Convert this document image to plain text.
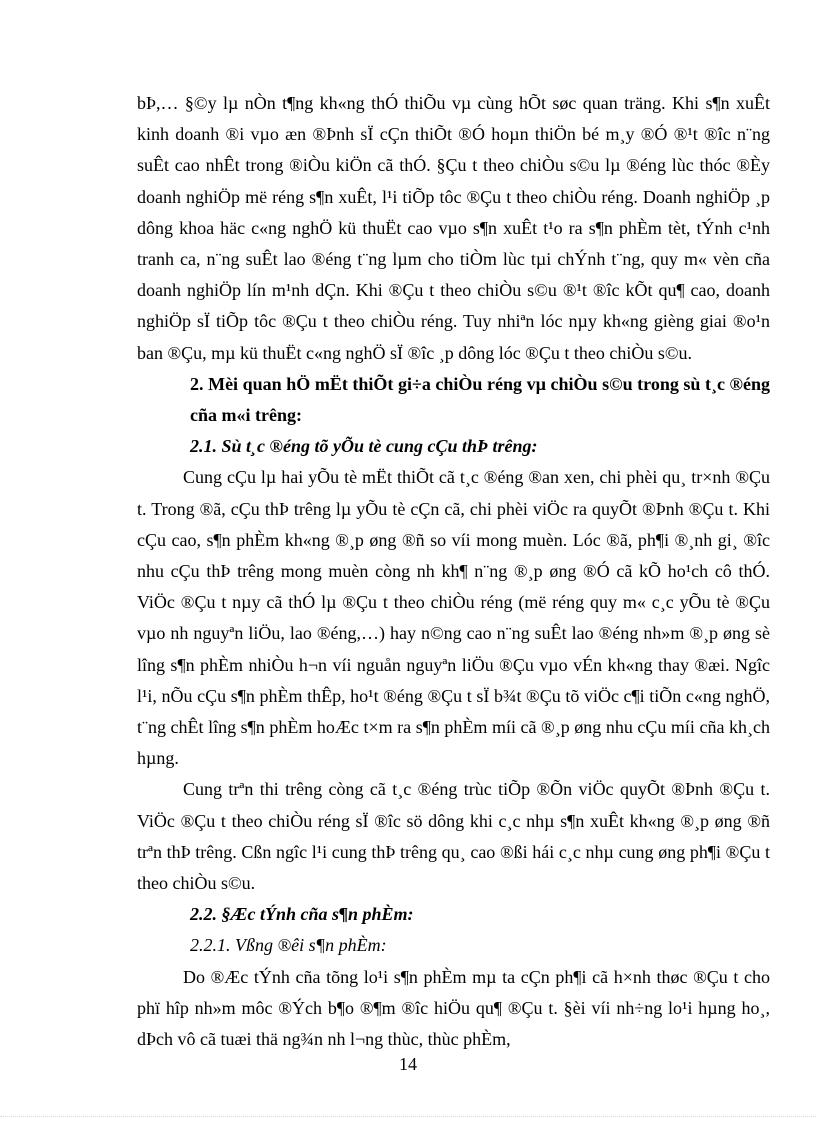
bÞ,… §©y lµ nÒn t¶ng kh«ng thÓ thiÕu vµ cùng hÕt søc quan träng. Khi s¶n xuÊt kinh doanh ®i vµo æn ®Þnh sÏ cÇn thiÕt ®Ó hoµn thiÖn bé m¸y ®Ó ®¹t ®îc n¨ng suÊt cao nhÊt trong ®iÒu kiÖn cã thÓ. §Çu t theo chiÒu s©u lµ ®éng lùc thóc ®Èy doanh nghiÖp më réng s¶n xuÊt, l¹i tiÕp tôc ®Çu t theo chiÒu réng. Doanh nghiÖp ¸p dông khoa häc c«ng nghÖ kü thuËt cao vµo s¶n xuÊt t¹o ra s¶n phÈm tèt, tÝnh c¹nh tranh ca, n¨ng suÊt lao ®éng t¨ng lµm cho tiÒm lùc tµi chÝnh t¨ng, quy m« vèn cña doanh nghiÖp lín m¹nh dÇn. Khi ®Çu t theo chiÒu s©u ®¹t ®îc kÕt qu¶ cao, doanh nghiÖp sÏ tiÕp tôc ®Çu t theo chiÒu réng. Tuy nhiªn lóc nµy kh«ng gièng giai ®o¹n ban ®Çu, mµ kü thuËt c«ng nghÖ sÏ ®îc ¸p dông lóc ®Çu t theo chiÒu s©u.

2. Mèi quan hÖ mËt thiÕt gi÷a chiÒu réng vµ chiÒu s©u trong sù t¸c ®éng cña m«i trêng:

2.1. Sù t¸c ®éng tõ yÕu tè cung cÇu thÞ trêng:

Cung cÇu lµ hai yÕu tè mËt thiÕt cã t¸c ®éng ®an xen, chi phèi qu¸ tr×nh ®Çu t. Trong ®ã, cÇu thÞ trêng lµ yÕu tè cÇn cã, chi phèi viÖc ra quyÕt ®Þnh ®Çu t. Khi cÇu cao, s¶n phÈm kh«ng ®¸p øng ®ñ so víi mong muèn. Lóc ®ã, ph¶i ®¸nh gi¸ ®îc nhu cÇu thÞ trêng mong muèn còng nh kh¶ n¨ng ®¸p øng ®Ó cã kÕ ho¹ch cô thÓ. ViÖc ®Çu t nµy cã thÓ lµ ®Çu t theo chiÒu réng (më réng quy m« c¸c yÕu tè ®Çu vµo nh nguyªn liÖu, lao ®éng,…) hay n©ng cao n¨ng suÊt lao ®éng nh»m ®¸p øng sè lîng s¶n phÈm nhiÒu h¬n víi nguån nguyªn liÖu ®Çu vµo vÉn kh«ng thay ®æi. Ngîc l¹i, nÕu cÇu s¶n phÈm thÊp, ho¹t ®éng ®Çu t sÏ b¾t ®Çu tõ viÖc c¶i tiÕn c«ng nghÖ, t¨ng chÊt lîng s¶n phÈm hoÆc t×m ra s¶n phÈm míi cã ®¸p øng nhu cÇu míi cña kh¸ch hµng.

Cung trªn thi trêng còng cã t¸c ®éng trùc tiÕp ®Õn viÖc quyÕt ®Þnh ®Çu t. ViÖc ®Çu t theo chiÒu réng sÏ ®îc sö dông khi c¸c nhµ s¶n xuÊt kh«ng ®¸p øng ®ñ trªn thÞ trêng. Cßn ngîc l¹i cung thÞ trêng qu¸ cao ®ßi hái c¸c nhµ cung øng ph¶i ®Çu t theo chiÒu s©u.

2.2. §Æc tÝnh cña s¶n phÈm:

2.2.1. Vßng ®êi s¶n phÈm:

Do ®Æc tÝnh cña tõng lo¹i s¶n phÈm mµ ta cÇn ph¶i cã h×nh thøc ®Çu t cho phï hîp nh»m môc ®Ých b¶o ®¶m ®îc hiÖu qu¶ ®Çu t. §èi víi nh÷ng lo¹i hµng ho¸, dÞch vô cã tuæi thä ng¾n nh l¬ng thùc, thùc phÈm,

14
